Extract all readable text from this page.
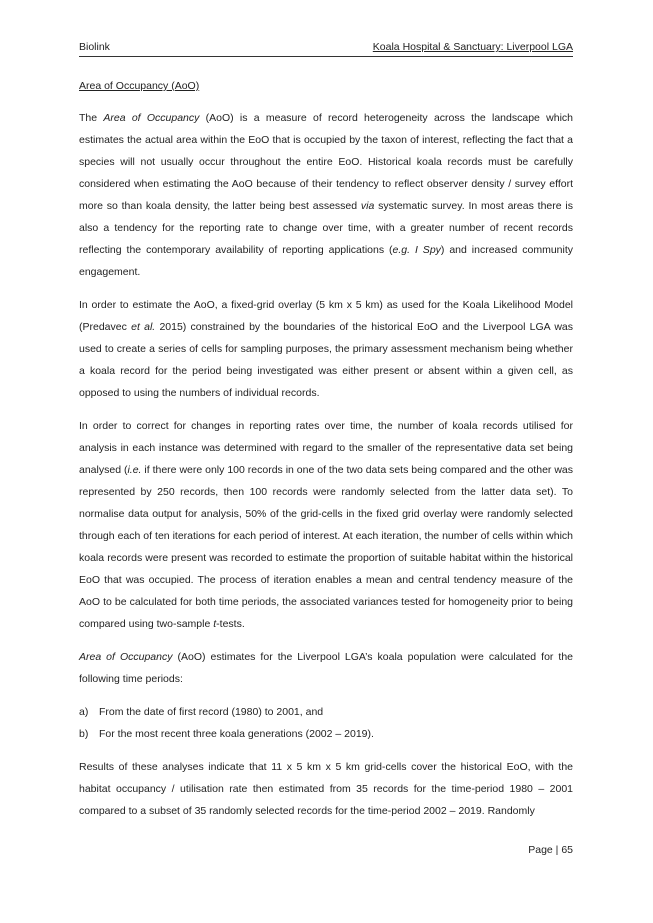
Biolink	Koala Hospital & Sanctuary: Liverpool LGA

Area of Occupancy (AoO)

The Area of Occupancy (AoO) is a measure of record heterogeneity across the landscape which estimates the actual area within the EoO that is occupied by the taxon of interest, reflecting the fact that a species will not usually occur throughout the entire EoO. Historical koala records must be carefully considered when estimating the AoO because of their tendency to reflect observer density / survey effort more so than koala density, the latter being best assessed via systematic survey. In most areas there is also a tendency for the reporting rate to change over time, with a greater number of recent records reflecting the contemporary availability of reporting applications (e.g. I Spy) and increased community engagement.

In order to estimate the AoO, a fixed-grid overlay (5 km x 5 km) as used for the Koala Likelihood Model (Predavec et al. 2015) constrained by the boundaries of the historical EoO and the Liverpool LGA was used to create a series of cells for sampling purposes, the primary assessment mechanism being whether a koala record for the period being investigated was either present or absent within a given cell, as opposed to using the numbers of individual records.

In order to correct for changes in reporting rates over time, the number of koala records utilised for analysis in each instance was determined with regard to the smaller of the representative data set being analysed (i.e. if there were only 100 records in one of the two data sets being compared and the other was represented by 250 records, then 100 records were randomly selected from the latter data set). To normalise data output for analysis, 50% of the grid-cells in the fixed grid overlay were randomly selected through each of ten iterations for each period of interest. At each iteration, the number of cells within which koala records were present was recorded to estimate the proportion of suitable habitat within the historical EoO that was occupied. The process of iteration enables a mean and central tendency measure of the AoO to be calculated for both time periods, the associated variances tested for homogeneity prior to being compared using two-sample t-tests.

Area of Occupancy (AoO) estimates for the Liverpool LGA’s koala population were calculated for the following time periods:

a)	From the date of first record (1980) to 2001, and
b)	For the most recent three koala generations (2002 – 2019).

Results of these analyses indicate that 11 x 5 km x 5 km grid-cells cover the historical EoO, with the habitat occupancy / utilisation rate then estimated from 35 records for the time-period 1980 – 2001 compared to a subset of 35 randomly selected records for the time-period 2002 – 2019. Randomly

Page | 65
